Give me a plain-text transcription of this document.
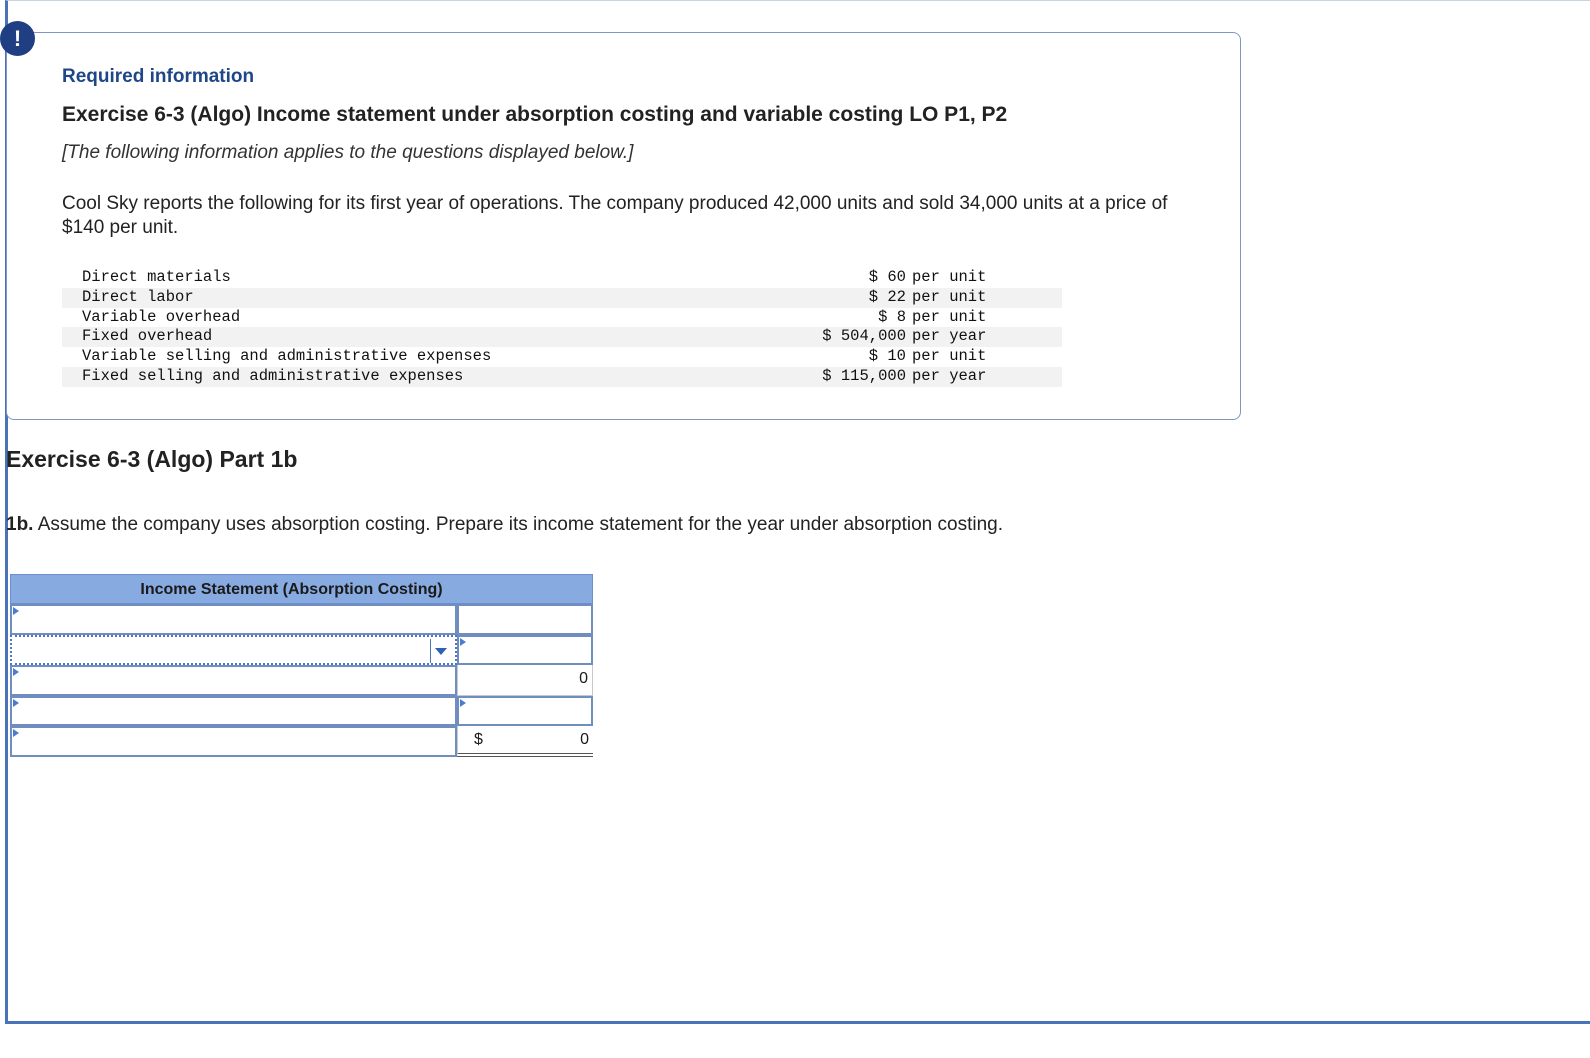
!
Required information
Exercise 6-3 (Algo) Income statement under absorption costing and variable costing LO P1, P2
[The following information applies to the questions displayed below.]
Cool Sky reports the following for its first year of operations. The company produced 42,000 units and sold 34,000 units at a price of $140 per unit.
Direct materials	$ 60	per unit
Direct labor	$ 22	per unit
Variable overhead	$ 8	per unit
Fixed overhead	$ 504,000	per year
Variable selling and administrative expenses	$ 10	per unit
Fixed selling and administrative expenses	$ 115,000	per year
Exercise 6-3 (Algo) Part 1b
1b. Assume the company uses absorption costing. Prepare its income statement for the year under absorption costing.
Income Statement (Absorption Costing)
0
$	0
